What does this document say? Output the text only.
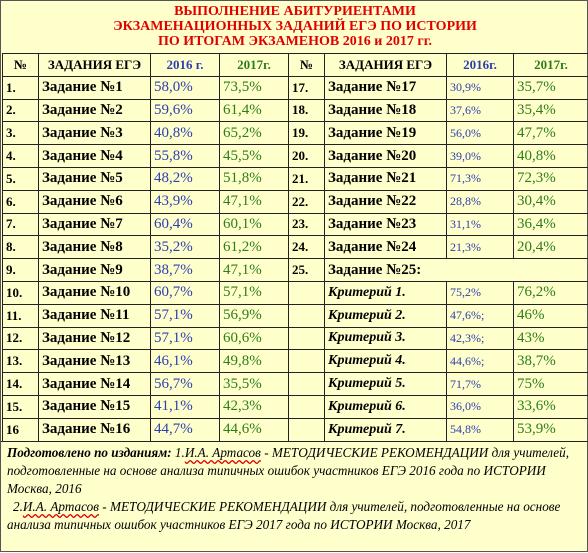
ВЫПОЛНЕНИЕ АБИТУРИЕНТАМИ
ЭКЗАМЕНАЦИОННЫХ ЗАДАНИЙ ЕГЭ ПО ИСТОРИИ
ПО ИТОГАМ ЭКЗАМЕНОВ 2016 и 2017 гг.
№	ЗАДАНИЯ ЕГЭ	2016 г.	2017г.	№	ЗАДАНИЯ ЕГЭ	2016г.	2017г.
1.	Задание №1	58,0%	73,5%	17.	Задание №17	30,9%	35,7%
2.	Задание №2	59,6%	61,4%	18.	Задание №18	37,6%	35,4%
3.	Задание №3	40,8%	65,2%	19.	Задание №19	56,0%	47,7%
4.	Задание №4	55,8%	45,5%	20.	Задание №20	39,0%	40,8%
5.	Задание №5	48,2%	51,8%	21.	Задание №21	71,3%	72,3%
6.	Задание №6	43,9%	47,1%	22.	Задание №22	28,8%	30,4%
7.	Задание №7	60,4%	60,1%	23.	Задание №23	31,1%	36,4%
8.	Задание №8	35,2%	61,2%	24.	Задание №24	21,3%	20,4%
9.	Задание №9	38,7%	47,1%	25.	Задание №25:		
10.	Задание №10	60,7%	57,1%		Критерий 1.	75,2%	76,2%
11.	Задание №11	57,1%	56,9%		Критерий 2.	47,6%;	46%
12.	Задание №12	57,1%	60,6%		Критерий 3.	42,3%;	43%
13.	Задание №13	46,1%	49,8%		Критерий 4.	44,6%;	38,7%
14.	Задание №14	56,7%	35,5%		Критерий 5.	71,7%	75%
15.	Задание №15	41,1%	42,3%		Критерий 6.	36,0%	33,6%
16	Задание №16	44,7%	44,6%		Критерий 7.	54,8%	53,9%
Подготовлено по изданиям: 1.И.А. Артасов - МЕТОДИЧЕСКИЕ РЕКОМЕНДАЦИИ для учителей, подготовленные на основе анализа типичных ошибок участников ЕГЭ 2016 года по ИСТОРИИ Москва, 2016
2.И.А. Артасов - МЕТОДИЧЕСКИЕ РЕКОМЕНДАЦИИ для учителей, подготовленные на основе анализа типичных ошибок участников ЕГЭ 2017 года по ИСТОРИИ Москва, 2017
